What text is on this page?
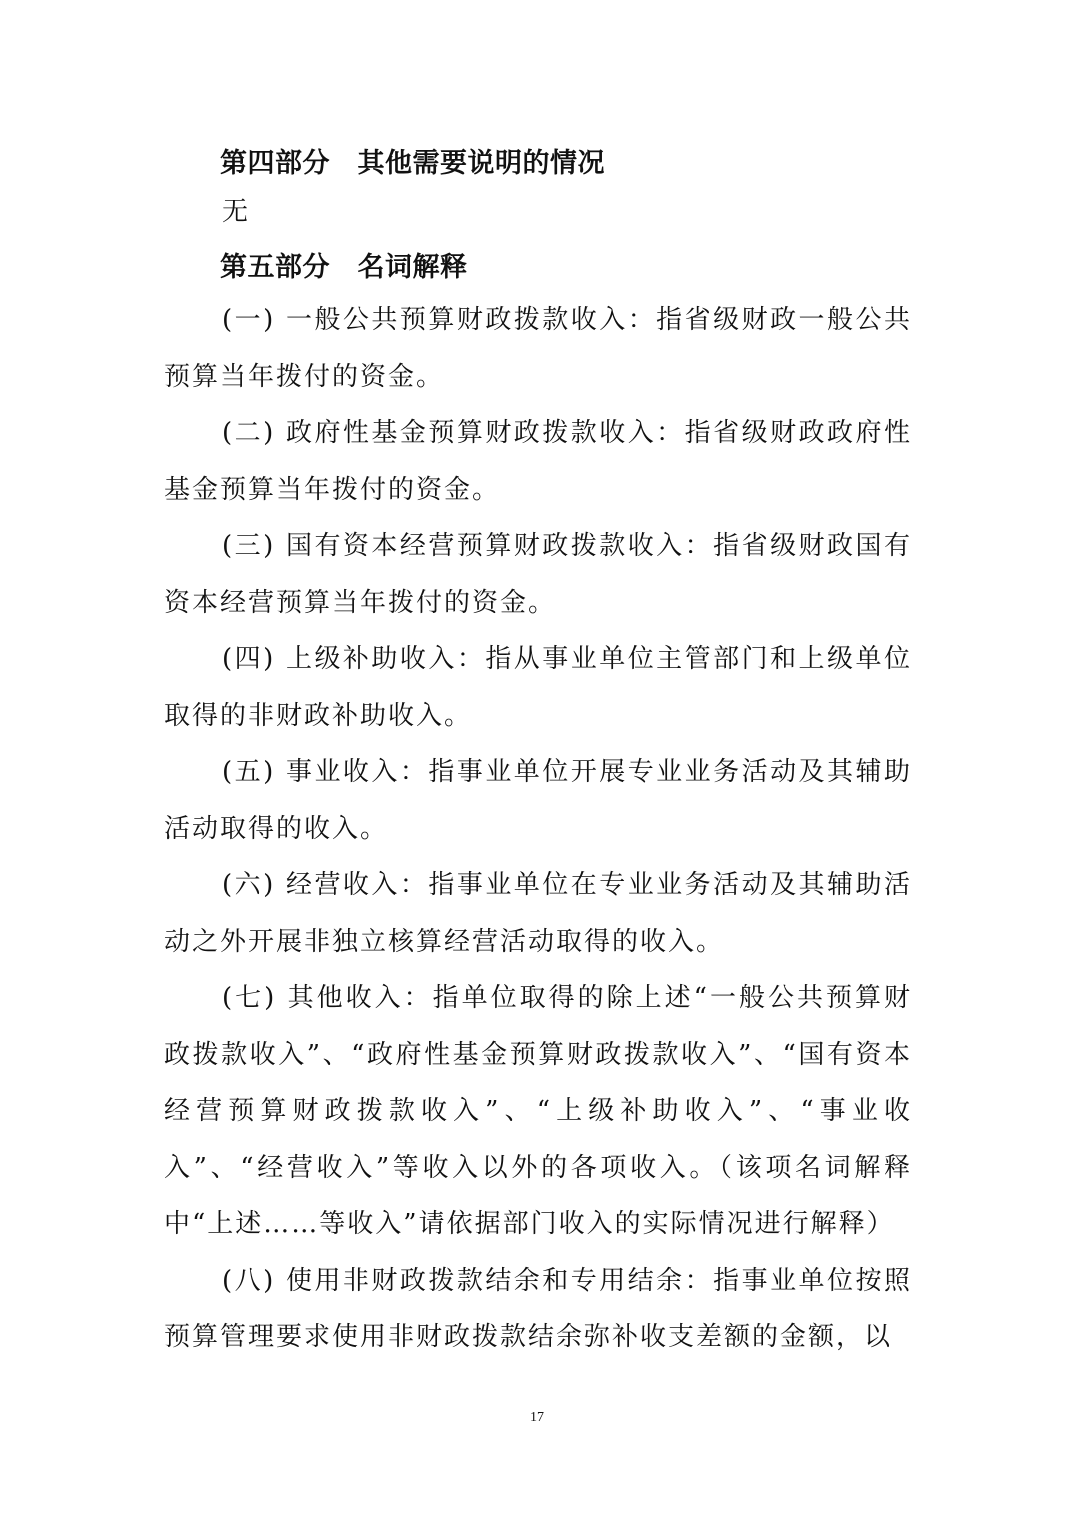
第四部分　其他需要说明的情况
无
第五部分　名词解释

(一) 一般公共预算财政拨款收入：指省级财政一般公共预算当年拨付的资金。

(二) 政府性基金预算财政拨款收入：指省级财政政府性基金预算当年拨付的资金。

(三) 国有资本经营预算财政拨款收入：指省级财政国有资本经营预算当年拨付的资金。

(四) 上级补助收入：指从事业单位主管部门和上级单位取得的非财政补助收入。

(五) 事业收入：指事业单位开展专业业务活动及其辅助活动取得的收入。

(六) 经营收入：指事业单位在专业业务活动及其辅助活动之外开展非独立核算经营活动取得的收入。

(七) 其他收入：指单位取得的除上述“一般公共预算财政拨款收入”、“政府性基金预算财政拨款收入”、“国有资本经营预算财政拨款收入”、“上级补助收入”、“事业收入”、“经营收入”等收入以外的各项收入。（该项名词解释中“上述……等收入”请依据部门收入的实际情况进行解释）

(八) 使用非财政拨款结余和专用结余：指事业单位按照预算管理要求使用非财政拨款结余弥补收支差额的金额，以

17
